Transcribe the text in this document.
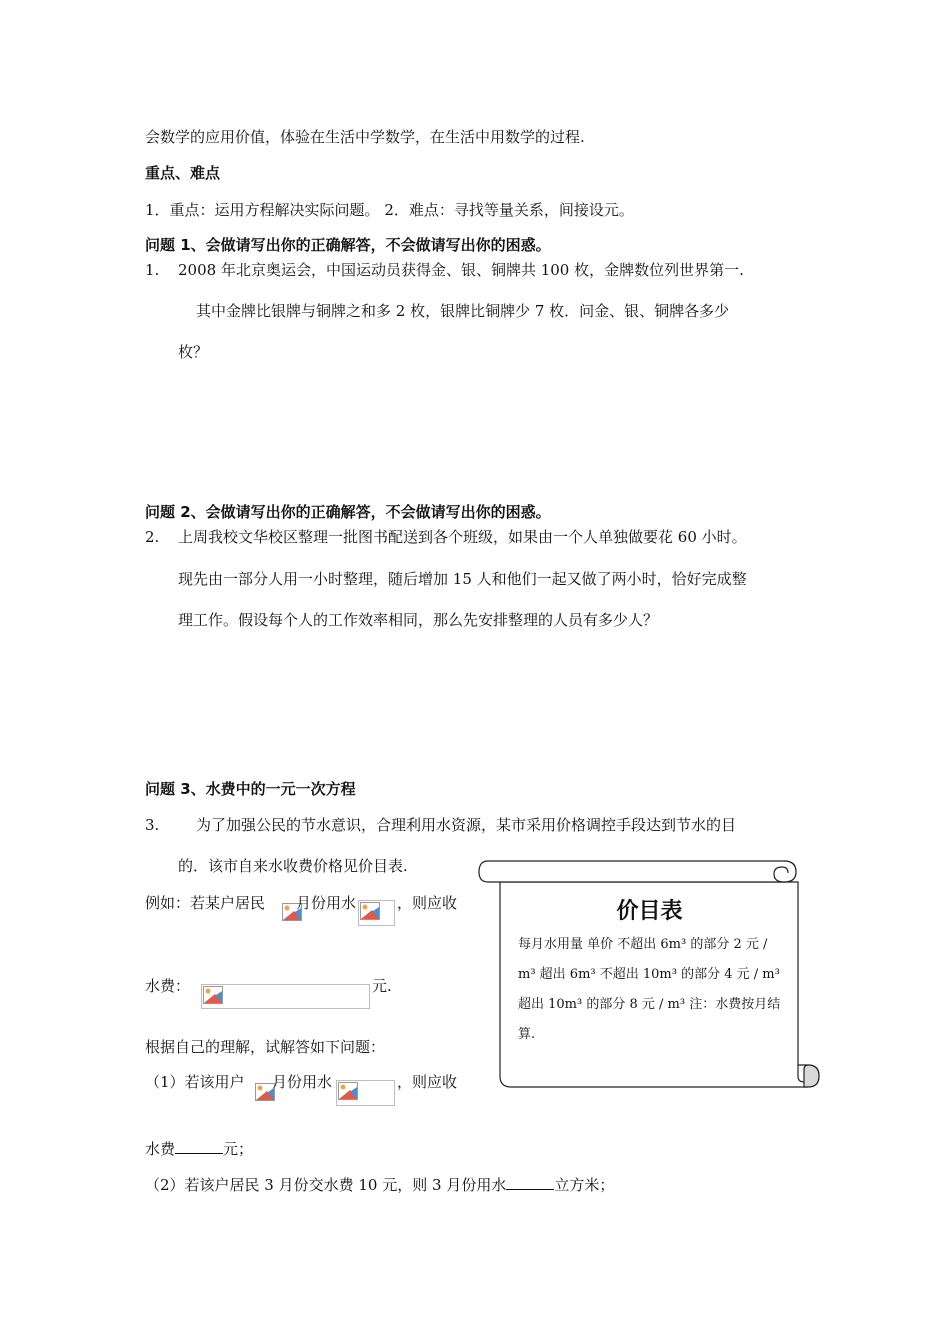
会数学的应用价值，体验在生活中学数学，在生活中用数学的过程.
重点、难点
1．重点：运用方程解决实际问题。 2．难点：寻找等量关系，间接设元。
问题 1、会做请写出你的正确解答，不会做请写出你的困惑。
1. 2008 年北京奥运会，中国运动员获得金、银、铜牌共 100 枚，金牌数位列世界第一.
其中金牌比银牌与铜牌之和多 2 枚，银牌比铜牌少 7 枚．问金、银、铜牌各多少
枚？
问题 2、会做请写出你的正确解答，不会做请写出你的困惑。
2. 上周我校文华校区整理一批图书配送到各个班级，如果由一个人单独做要花 60 小时。
现先由一部分人用一小时整理，随后增加 15 人和他们一起又做了两小时，恰好完成整
理工作。假设每个人的工作效率相同，那么先安排整理的人员有多少人？
问题 3、水费中的一元一次方程
3. 为了加强公民的节水意识，合理利用水资源，某市采用价格调控手段达到节水的目
的．该市自来水收费价格见价目表.
例如：若某户居民 月份用水	，则应收
水费：	元.
根据自己的理解，试解答如下问题：
（1）若该用户 月份用水	，则应收
水费	元；
（2）若该户居民 3 月份交水费 10 元，则 3 月份用水	立方米；
价目表
每月水用量 单价 不超出 6m³ 的部分 2 元 / m³ 超出 6m³ 不超出 10m³ 的部分 4 元 / m³ 超出 10m³ 的部分 8 元 / m³ 注：水费按月结算.
